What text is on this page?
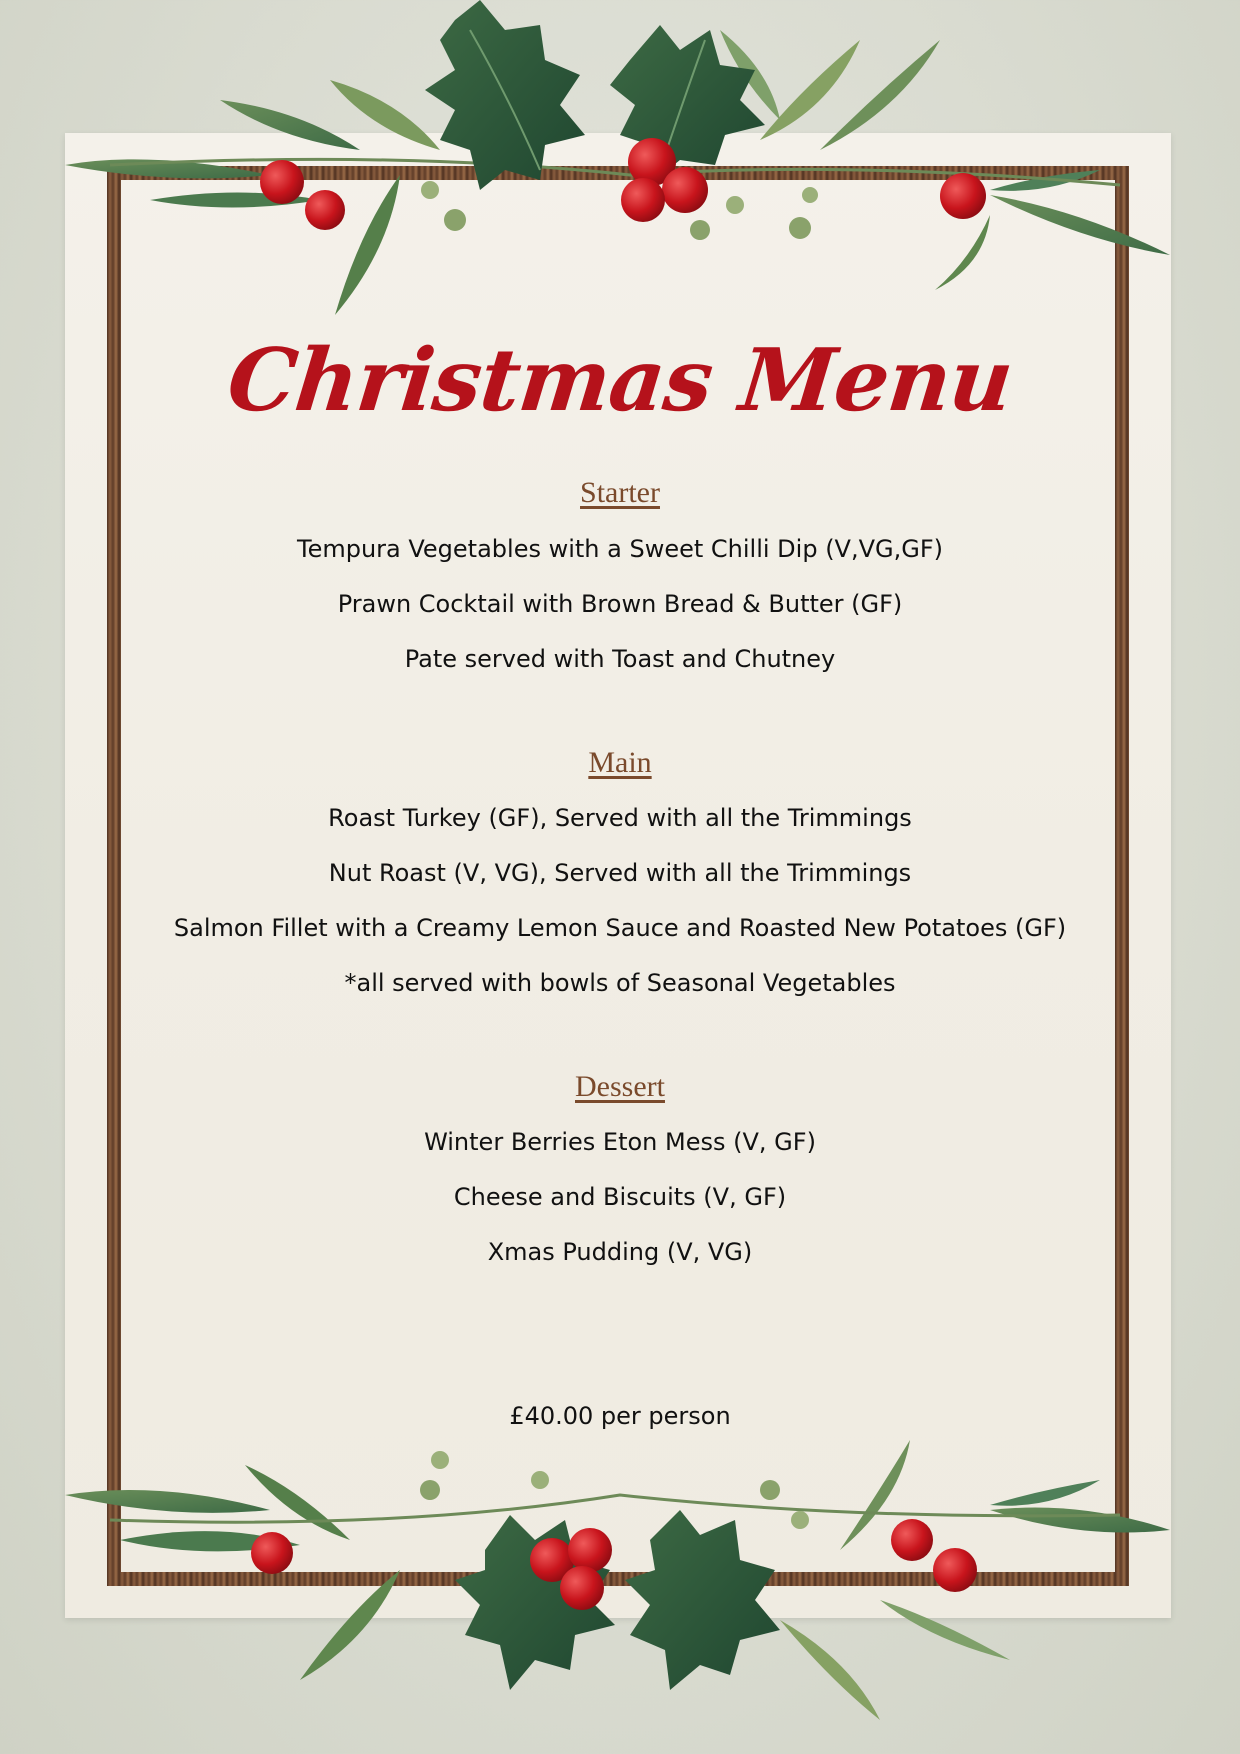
Christmas Menu
Starter
Tempura Vegetables with a Sweet Chilli Dip (V,VG,GF)
Prawn Cocktail with Brown Bread & Butter (GF)
Pate served with Toast and Chutney
Main
Roast Turkey (GF), Served with all the Trimmings
Nut Roast (V, VG), Served with all the Trimmings
Salmon Fillet with a Creamy Lemon Sauce and Roasted New Potatoes (GF)
*all served with bowls of Seasonal Vegetables
Dessert
Winter Berries Eton Mess (V, GF)
Cheese and Biscuits (V, GF)
Xmas Pudding (V, VG)
£40.00 per person
